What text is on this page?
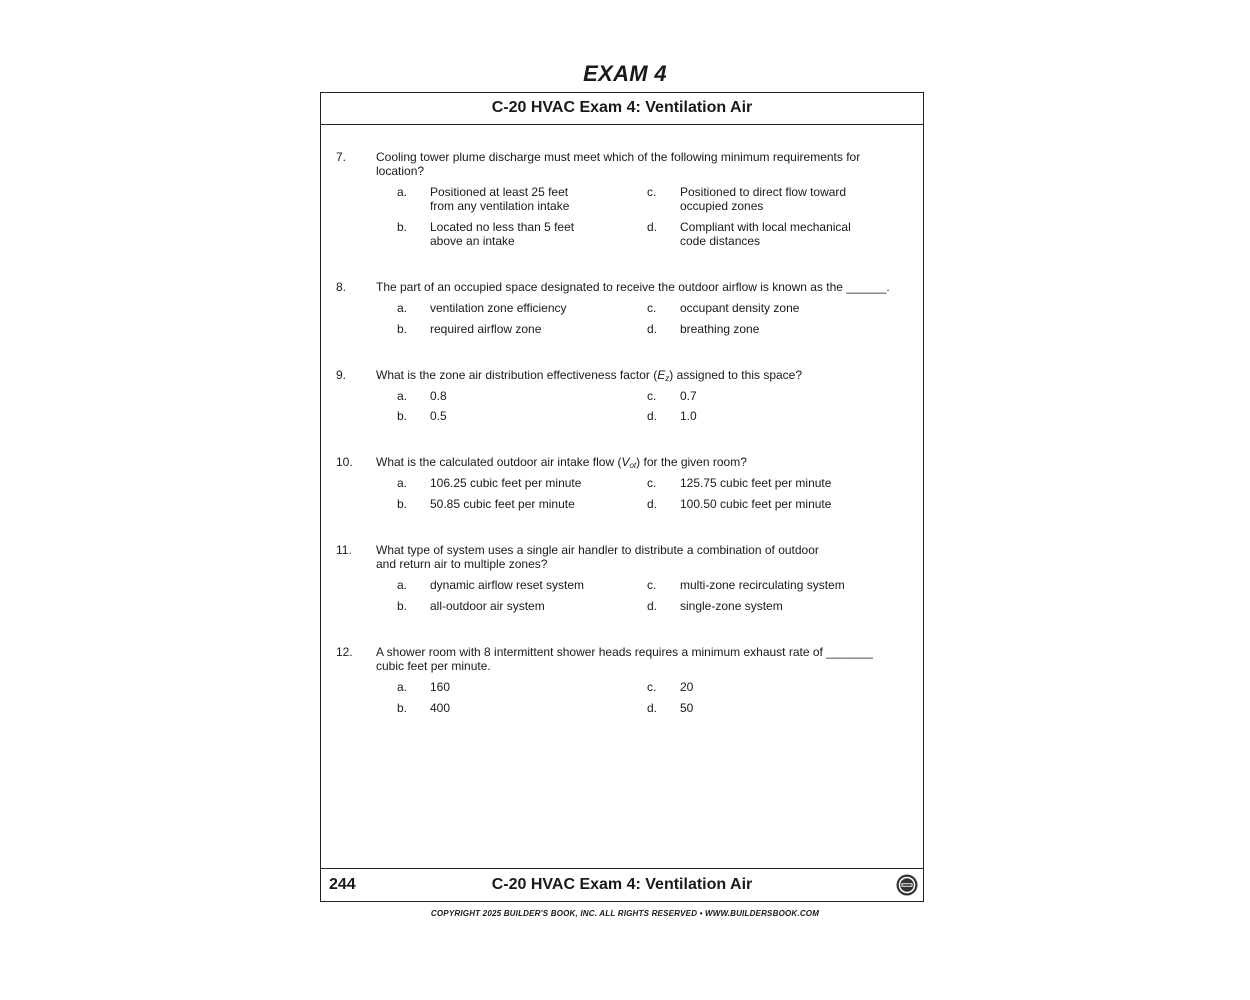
EXAM 4
C-20 HVAC Exam 4: Ventilation Air
7. Cooling tower plume discharge must meet which of the following minimum requirements for location?
a. Positioned at least 25 feet from any ventilation intake
b. Located no less than 5 feet above an intake
c. Positioned to direct flow toward occupied zones
d. Compliant with local mechanical code distances
8. The part of an occupied space designated to receive the outdoor airflow is known as the ______.
a. ventilation zone efficiency
b. required airflow zone
c. occupant density zone
d. breathing zone
9. What is the zone air distribution effectiveness factor $(E_z)$ assigned to this space?
a. 0.8
b. 0.5
c. 0.7
d. 1.0
10. What is the calculated outdoor air intake flow $(V_{ot})$ for the given room?
a. 106.25 cubic feet per minute
b. 50.85 cubic feet per minute
c. 125.75 cubic feet per minute
d. 100.50 cubic feet per minute
11. What type of system uses a single air handler to distribute a combination of outdoor and return air to multiple zones?
a. dynamic airflow reset system
b. all-outdoor air system
c. multi-zone recirculating system
d. single-zone system
12. A shower room with 8 intermittent shower heads requires a minimum exhaust rate of _______ cubic feet per minute.
a. 160
b. 400
c. 20
d. 50
244	C-20 HVAC Exam 4: Ventilation Air
COPYRIGHT 2025 BUILDER'S BOOK, INC. ALL RIGHTS RESERVED • WWW.BUILDERSBOOK.COM
